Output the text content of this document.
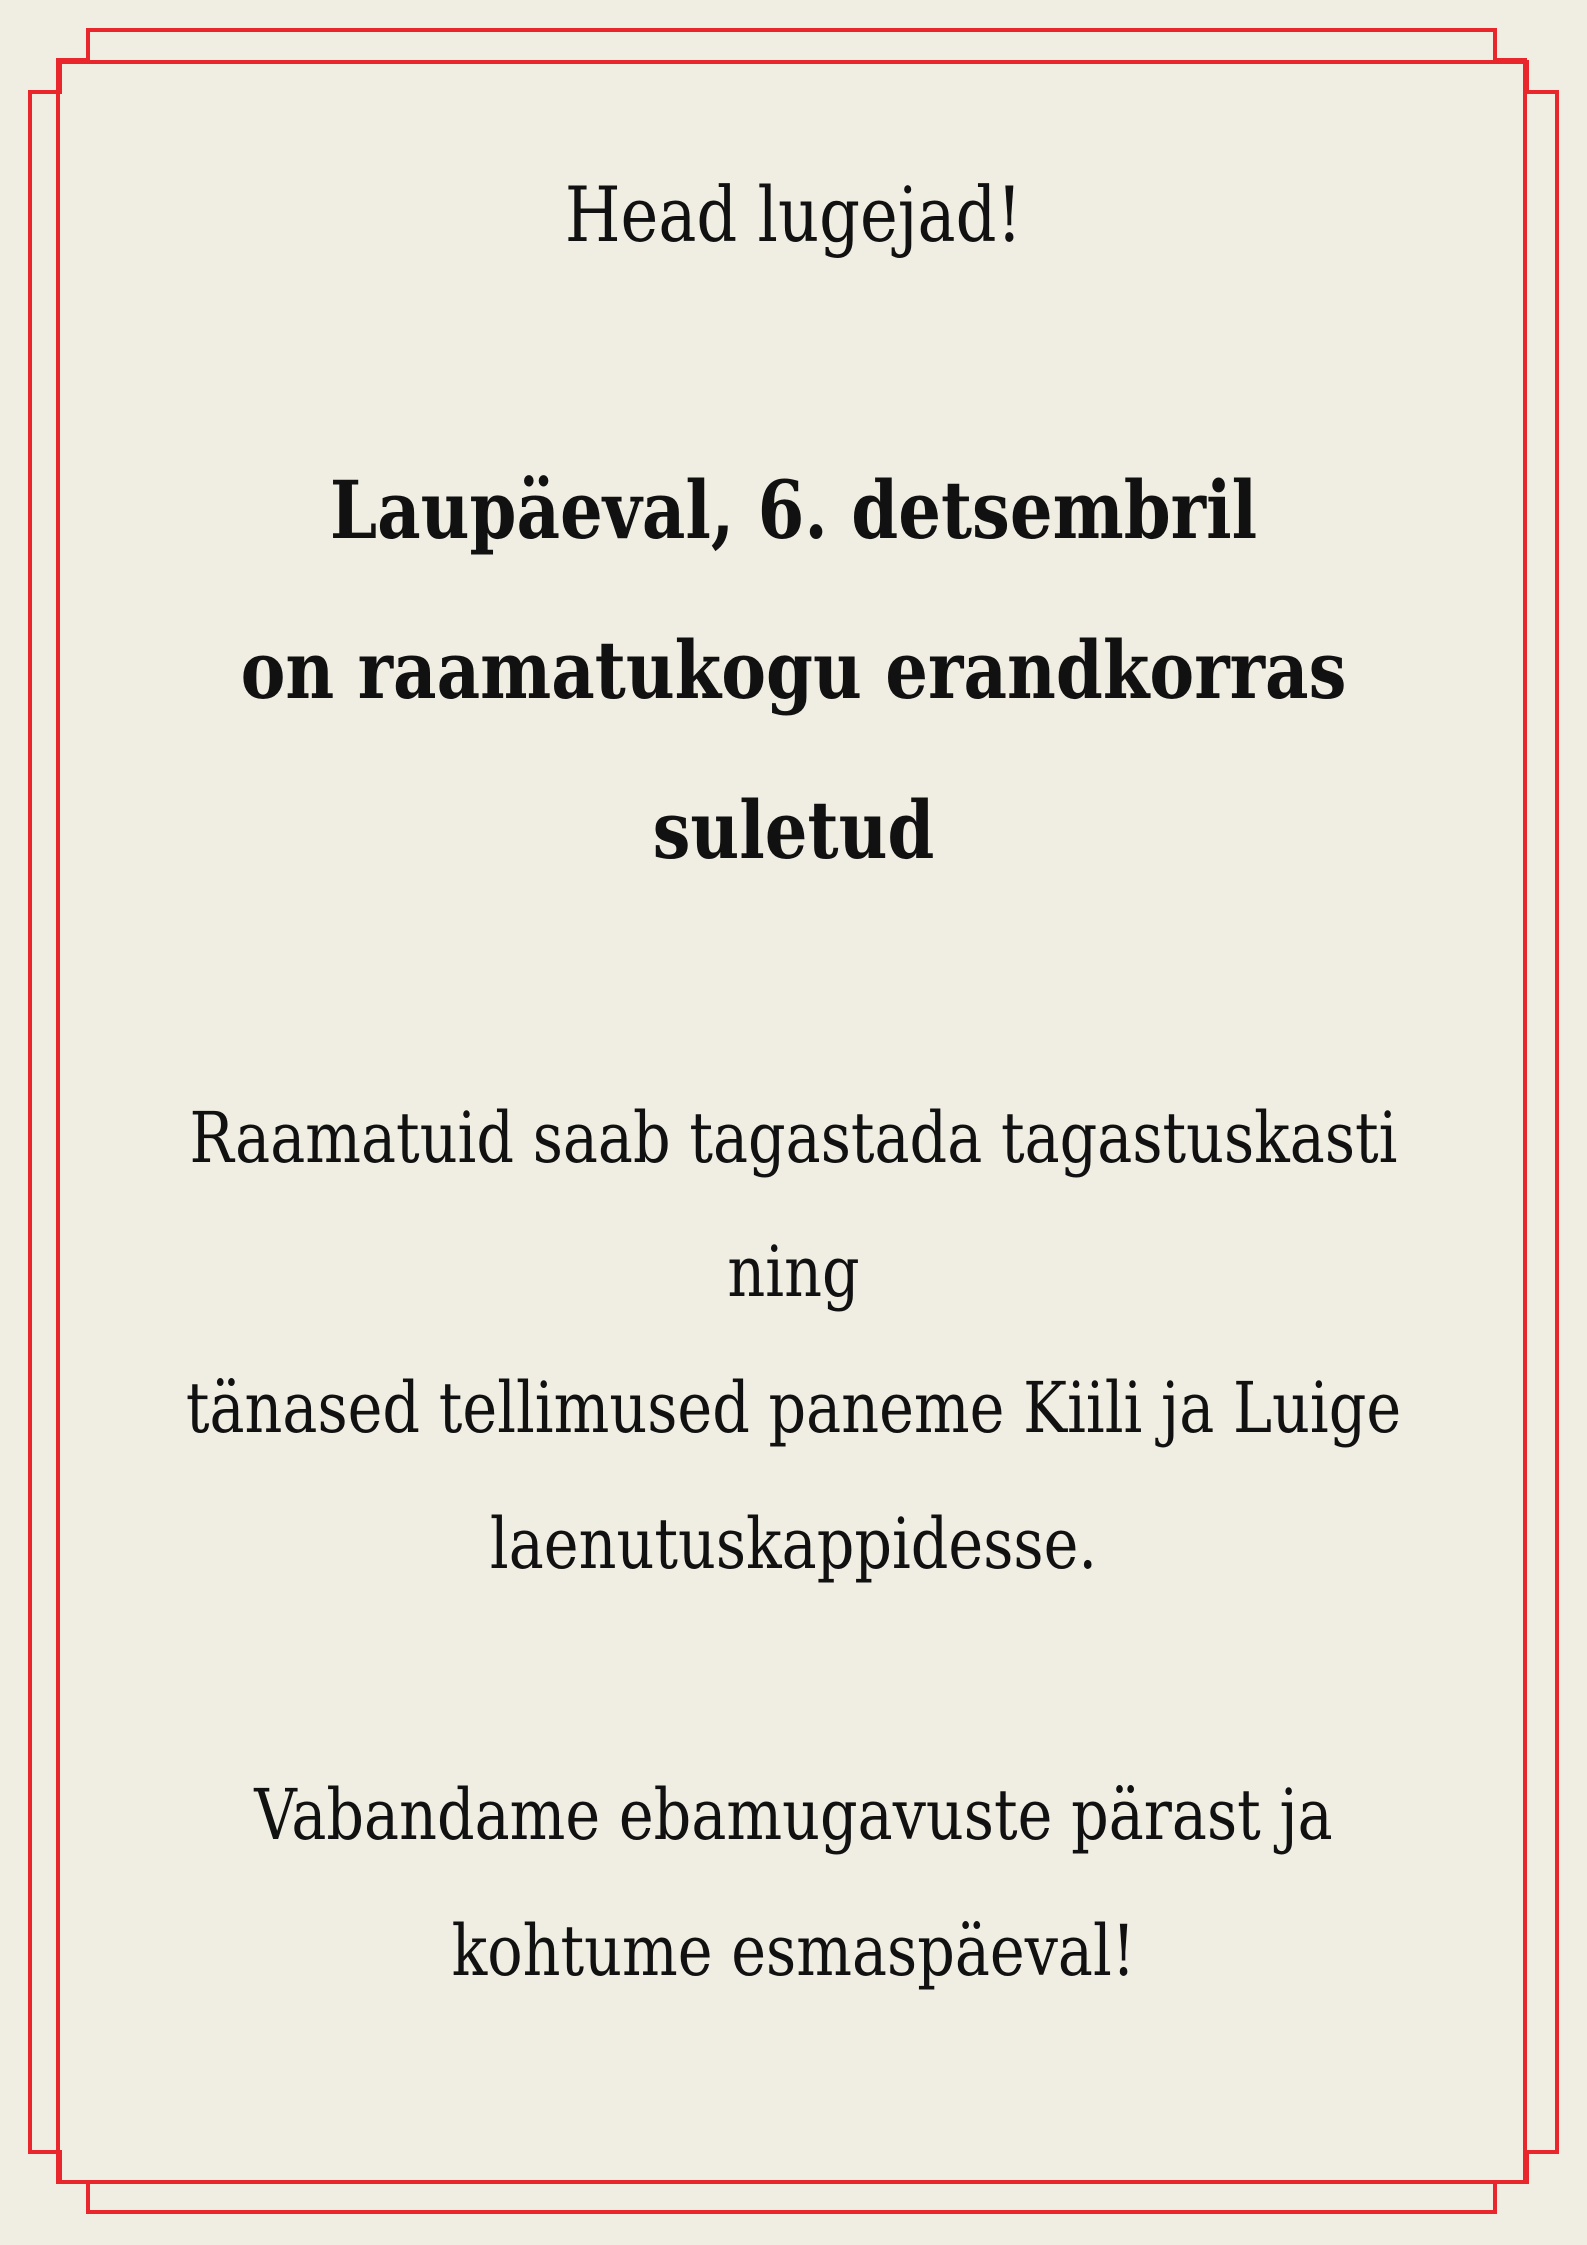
Head lugejad!
Laupäeval, 6. detsembril
on raamatukogu erandkorras
suletud
Raamatuid saab tagastada tagastuskasti
ning
tänased tellimused paneme Kiili ja Luige
laenutuskappidesse.
Vabandame ebamugavuste pärast ja
kohtume esmaspäeval!
